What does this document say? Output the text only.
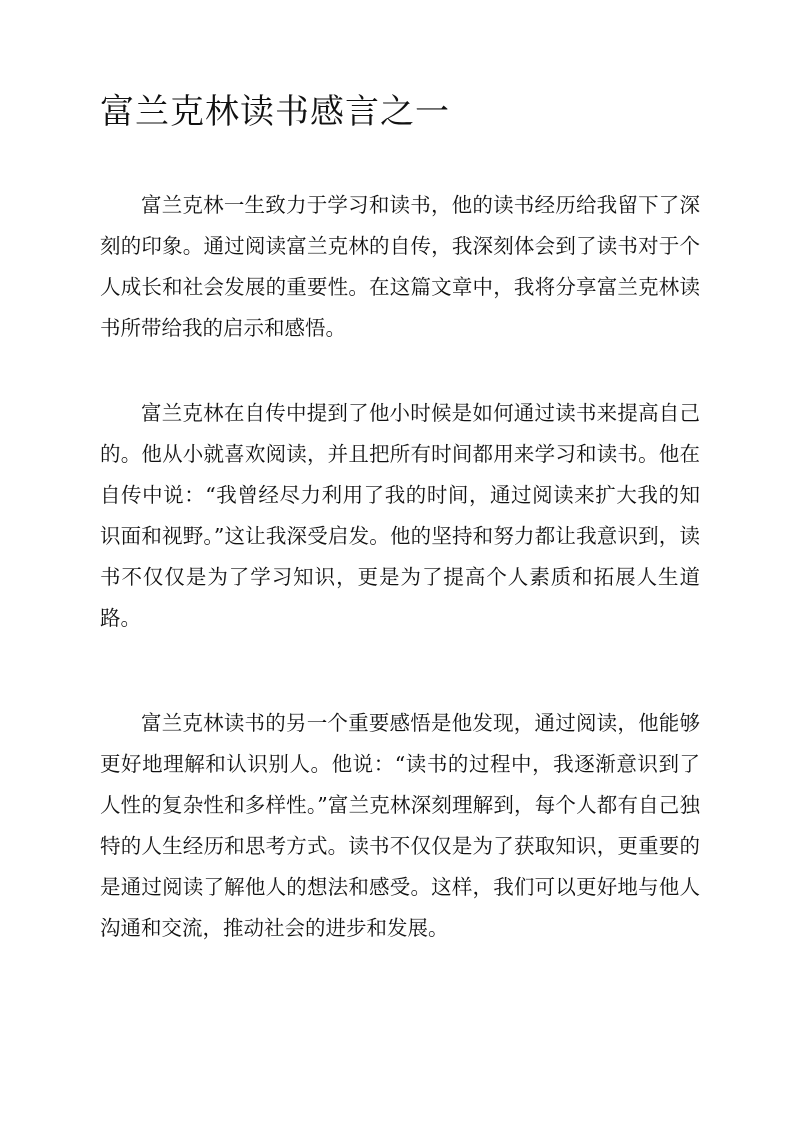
富兰克林读书感言之一

富兰克林一生致力于学习和读书，他的读书经历给我留下了深刻的印象。通过阅读富兰克林的自传，我深刻体会到了读书对于个人成长和社会发展的重要性。在这篇文章中，我将分享富兰克林读书所带给我的启示和感悟。

富兰克林在自传中提到了他小时候是如何通过读书来提高自己的。他从小就喜欢阅读，并且把所有时间都用来学习和读书。他在自传中说：“我曾经尽力利用了我的时间，通过阅读来扩大我的知识面和视野。”这让我深受启发。他的坚持和努力都让我意识到，读书不仅仅是为了学习知识，更是为了提高个人素质和拓展人生道路。

富兰克林读书的另一个重要感悟是他发现，通过阅读，他能够更好地理解和认识别人。他说：“读书的过程中，我逐渐意识到了人性的复杂性和多样性。”富兰克林深刻理解到，每个人都有自己独特的人生经历和思考方式。读书不仅仅是为了获取知识，更重要的是通过阅读了解他人的想法和感受。这样，我们可以更好地与他人沟通和交流，推动社会的进步和发展。
